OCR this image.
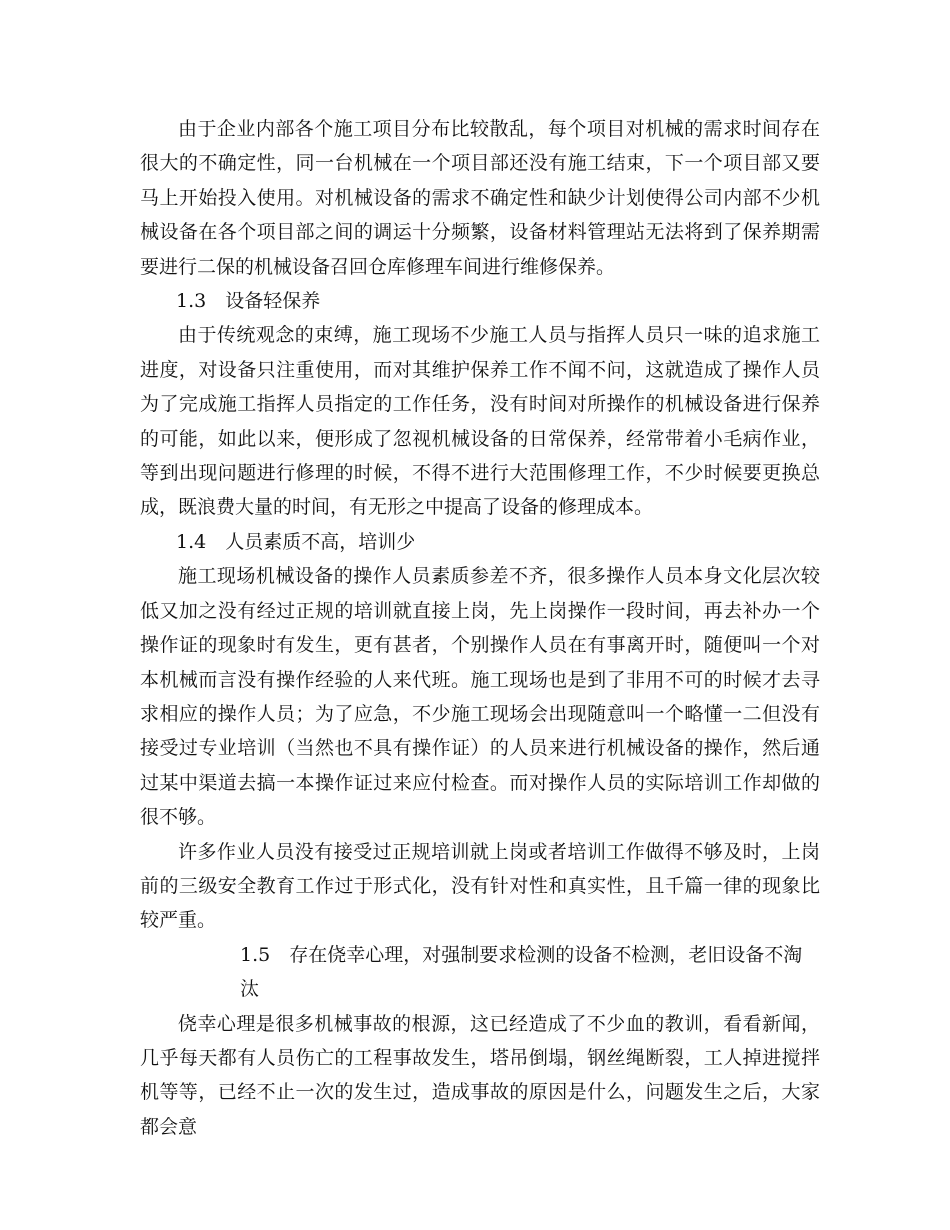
由于企业内部各个施工项目分布比较散乱，每个项目对机械的需求时间存在很大的不确定性，同一台机械在一个项目部还没有施工结束，下一个项目部又要马上开始投入使用。对机械设备的需求不确定性和缺少计划使得公司内部不少机械设备在各个项目部之间的调运十分频繁，设备材料管理站无法将到了保养期需要进行二保的机械设备召回仓库修理车间进行维修保养。

1.3　设备轻保养

由于传统观念的束缚，施工现场不少施工人员与指挥人员只一味的追求施工进度，对设备只注重使用，而对其维护保养工作不闻不问，这就造成了操作人员为了完成施工指挥人员指定的工作任务，没有时间对所操作的机械设备进行保养的可能，如此以来，便形成了忽视机械设备的日常保养，经常带着小毛病作业，等到出现问题进行修理的时候，不得不进行大范围修理工作，不少时候要更换总成，既浪费大量的时间，有无形之中提高了设备的修理成本。

1.4　人员素质不高，培训少

施工现场机械设备的操作人员素质参差不齐，很多操作人员本身文化层次较低又加之没有经过正规的培训就直接上岗，先上岗操作一段时间，再去补办一个操作证的现象时有发生，更有甚者，个别操作人员在有事离开时，随便叫一个对本机械而言没有操作经验的人来代班。施工现场也是到了非用不可的时候才去寻求相应的操作人员；为了应急，不少施工现场会出现随意叫一个略懂一二但没有接受过专业培训（当然也不具有操作证）的人员来进行机械设备的操作，然后通过某中渠道去搞一本操作证过来应付检查。而对操作人员的实际培训工作却做的很不够。

许多作业人员没有接受过正规培训就上岗或者培训工作做得不够及时，上岗前的三级安全教育工作过于形式化，没有针对性和真实性，且千篇一律的现象比较严重。

1.5　存在侥幸心理，对强制要求检测的设备不检测，老旧设备不淘汰

侥幸心理是很多机械事故的根源，这已经造成了不少血的教训，看看新闻，几乎每天都有人员伤亡的工程事故发生，塔吊倒塌，钢丝绳断裂，工人掉进搅拌机等等，已经不止一次的发生过，造成事故的原因是什么，问题发生之后，大家都会意
